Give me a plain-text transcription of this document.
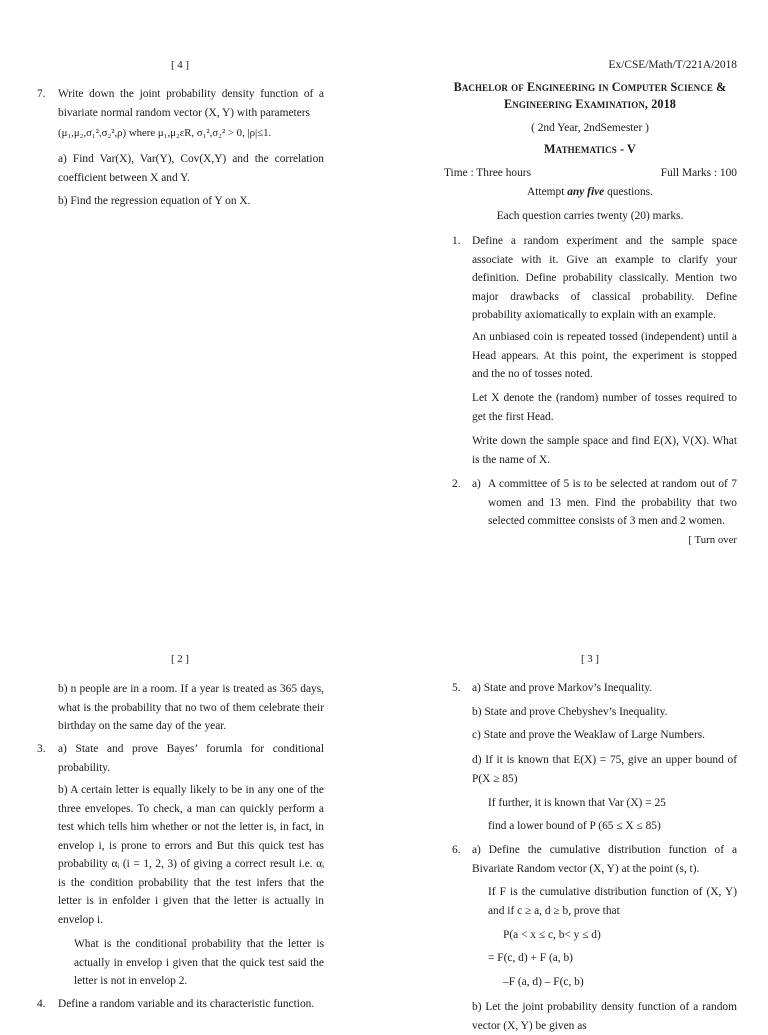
[ 4 ]	Ex/CSE/Math/T/221A/2018
7. Write down the joint probability density function of a bivariate normal random vector (X, Y) with parameters
(μ₁,μ₂,σ₁²,σ₂²,ρ) where μ₁,μ₂εR, σ₁²,σ₂² > 0, |ρ|≤1.
a) Find Var(X), Var(Y), Cov(X,Y) and the correlation coefficient between X and Y.
b) Find the regression equation of Y on X.
Bachelor of Engineering in Computer Science &
Engineering Examination, 2018
( 2nd Year, 2ndSemester )
Mathematics - V
Time : Three hours	Full Marks : 100
Attempt any five questions.
Each question carries twenty (20) marks.
1. Define a random experiment and the sample space associate with it. Give an example to clarify your definition. Define probability classically. Mention two major drawbacks of classical probability. Define probability axiomatically to explain with an example.
An unbiased coin is repeated tossed (independent) until a Head appears. At this point, the experiment is stopped and the no of tosses noted.
Let X denote the (random) number of tosses required to get the first Head.
Write down the sample space and find E(X), V(X). What is the name of X.
2. a) A committee of 5 is to be selected at random out of 7 women and 13 men. Find the probability that two selected committee consists of 3 men and 2 women.
[ Turn over
[ 2 ]	[ 3 ]
b) n people are in a room. If a year is treated as 365 days, what is the probability that no two of them celebrate their birthday on the same day of the year.
3. a) State and prove Bayes’ forumla for conditional probability.
b) A certain letter is equally likely to be in any one of the three envelopes. To check, a man can quickly perform a test which tells him whether or not the letter is, in fact, in envelop i, is prone to errors and But this quick test has probability αᵢ (i = 1, 2, 3) of giving a correct result i.e. αᵢ is the condition probability that the test infers that the letter is in enfolder i given that the letter is actually in envelop i.
What is the conditional probability that the letter is actually in envelop i given that the quick test said the letter is not in envelop 2.
4. Define a random variable and its characteristic function.
5. a) State and prove Markov’s Inequality.
b) State and prove Chebyshev’s Inequality.
c) State and prove the Weaklaw of Large Numbers.
d) If it is known that E(X) = 75, give an upper bound of P(X ≥ 85)
If further, it is known that Var (X) = 25
find a lower bound of P (65 ≤ X ≤ 85)
6. a) Define the cumulative distribution function of a Bivariate Random vector (X, Y) at the point (s, t).
If F is the cumulative distribution function of (X, Y) and if c ≥ a, d ≥ b, prove that
P(a < x ≤ c, b< y ≤ d)
= F(c, d) + F (a, b)
–F (a, d) – F(c, b)
b) Let the joint probability density function of a random vector (X, Y) be given as
